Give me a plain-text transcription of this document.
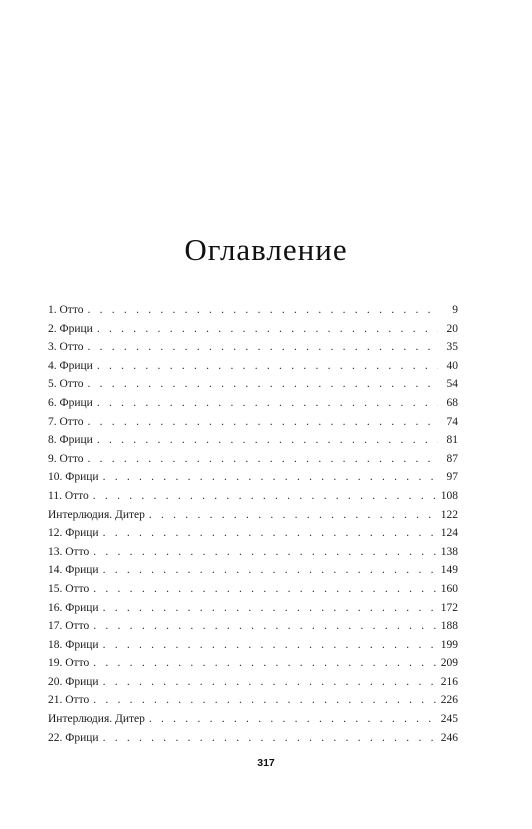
Оглавление
1. Отто . . .	9
2. Фрици . . .	20
3. Отто . . .	35
4. Фрици . . .	40
5. Отто . . .	54
6. Фрици . . .	68
7. Отто . . .	74
8. Фрици . . .	81
9. Отто . . .	87
10. Фрици . . .	97
11. Отто . . .	108
Интерлюдия. Дитер . . .	122
12. Фрици . . .	124
13. Отто . . .	138
14. Фрици . . .	149
15. Отто . . .	160
16. Фрици . . .	172
17. Отто . . .	188
18. Фрици . . .	199
19. Отто . . .	209
20. Фрици . . .	216
21. Отто . . .	226
Интерлюдия. Дитер . . .	245
22. Фрици . . .	246
317
